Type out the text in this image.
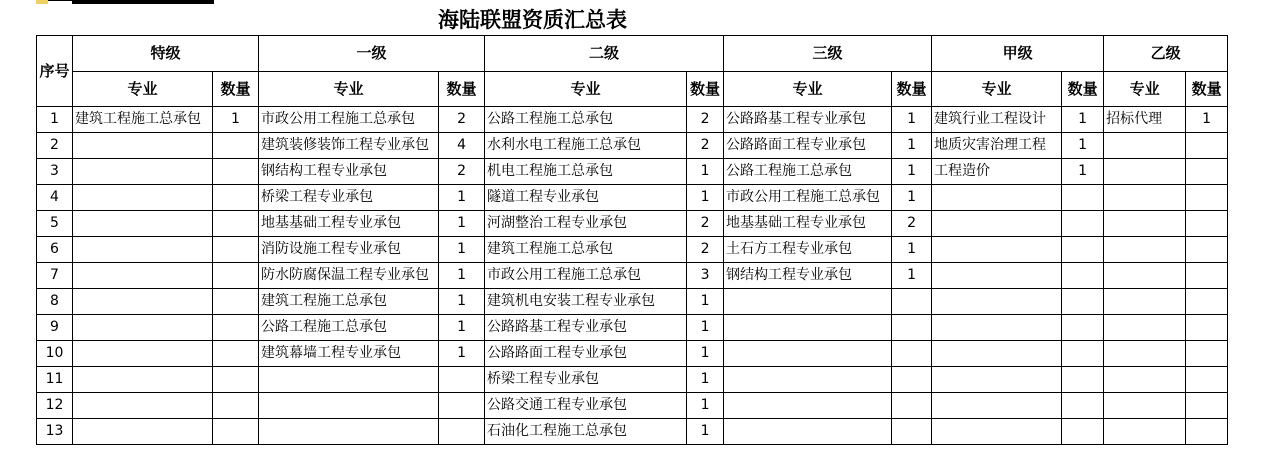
海陆联盟资质汇总表
序号	特级		一级		二级		三级		甲级		乙级	
	专业	数量	专业	数量	专业	数量	专业	数量	专业	数量	专业	数量
1	建筑工程施工总承包	1	市政公用工程施工总承包	2	公路工程施工总承包	2	公路路基工程专业承包	1	建筑行业工程设计	1	招标代理	1
2			建筑装修装饰工程专业承包	4	水利水电工程施工总承包	2	公路路面工程专业承包	1	地质灾害治理工程	1		
3			钢结构工程专业承包	2	机电工程施工总承包	1	公路工程施工总承包	1	工程造价	1		
4			桥梁工程专业承包	1	隧道工程专业承包	1	市政公用工程施工总承包	1				
5			地基基础工程专业承包	1	河湖整治工程专业承包	2	地基基础工程专业承包	2				
6			消防设施工程专业承包	1	建筑工程施工总承包	2	土石方工程专业承包	1				
7			防水防腐保温工程专业承包	1	市政公用工程施工总承包	3	钢结构工程专业承包	1				
8			建筑工程施工总承包	1	建筑机电安装工程专业承包	1						
9			公路工程施工总承包	1	公路路基工程专业承包	1						
10			建筑幕墙工程专业承包	1	公路路面工程专业承包	1						
11					桥梁工程专业承包	1						
12					公路交通工程专业承包	1						
13					石油化工程施工总承包	1						
